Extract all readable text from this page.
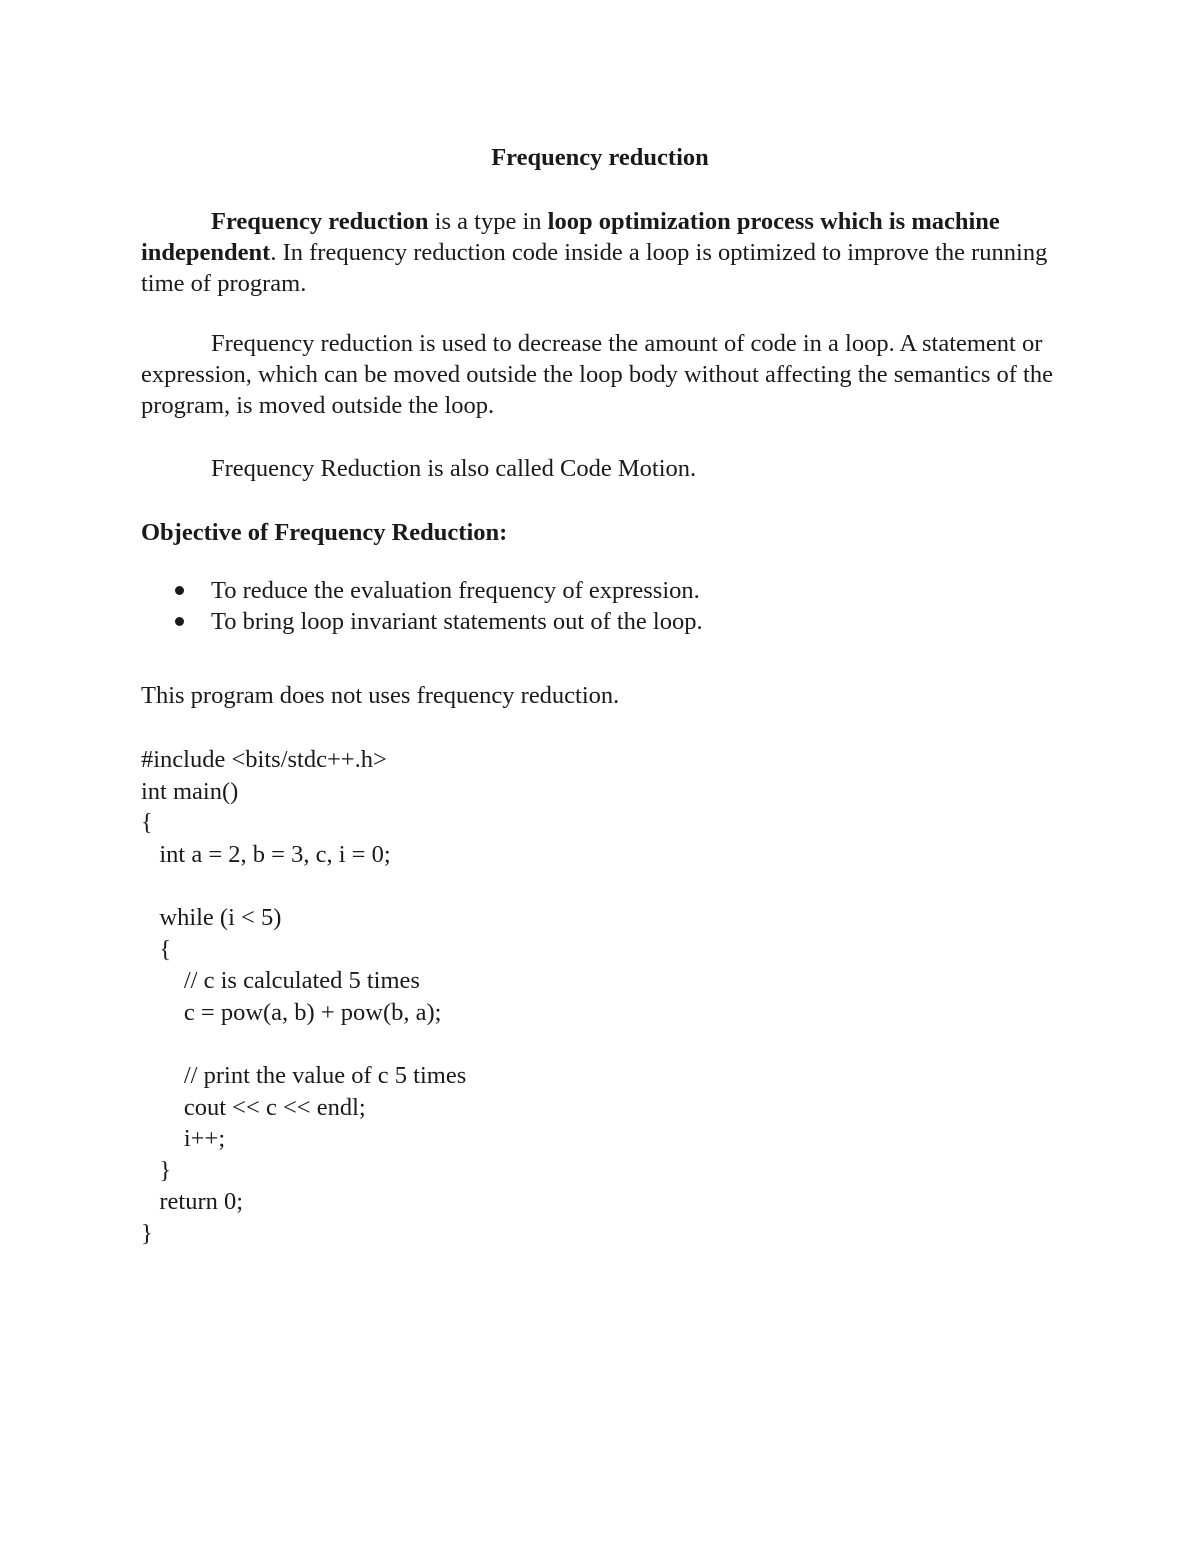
Frequency reduction

Frequency reduction is a type in loop optimization process which is machine independent. In frequency reduction code inside a loop is optimized to improve the running time of program.

Frequency reduction is used to decrease the amount of code in a loop. A statement or expression, which can be moved outside the loop body without affecting the semantics of the program, is moved outside the loop.

Frequency Reduction is also called Code Motion.

Objective of Frequency Reduction:

To reduce the evaluation frequency of expression.
To bring loop invariant statements out of the loop.

This program does not uses frequency reduction.

#include <bits/stdc++.h>
int main()
{
int a = 2, b = 3, c, i = 0;
while (i < 5)
{
// c is calculated 5 times
c = pow(a, b) + pow(b, a);
// print the value of c 5 times
cout << c << endl;
i++;
}
return 0;
}
